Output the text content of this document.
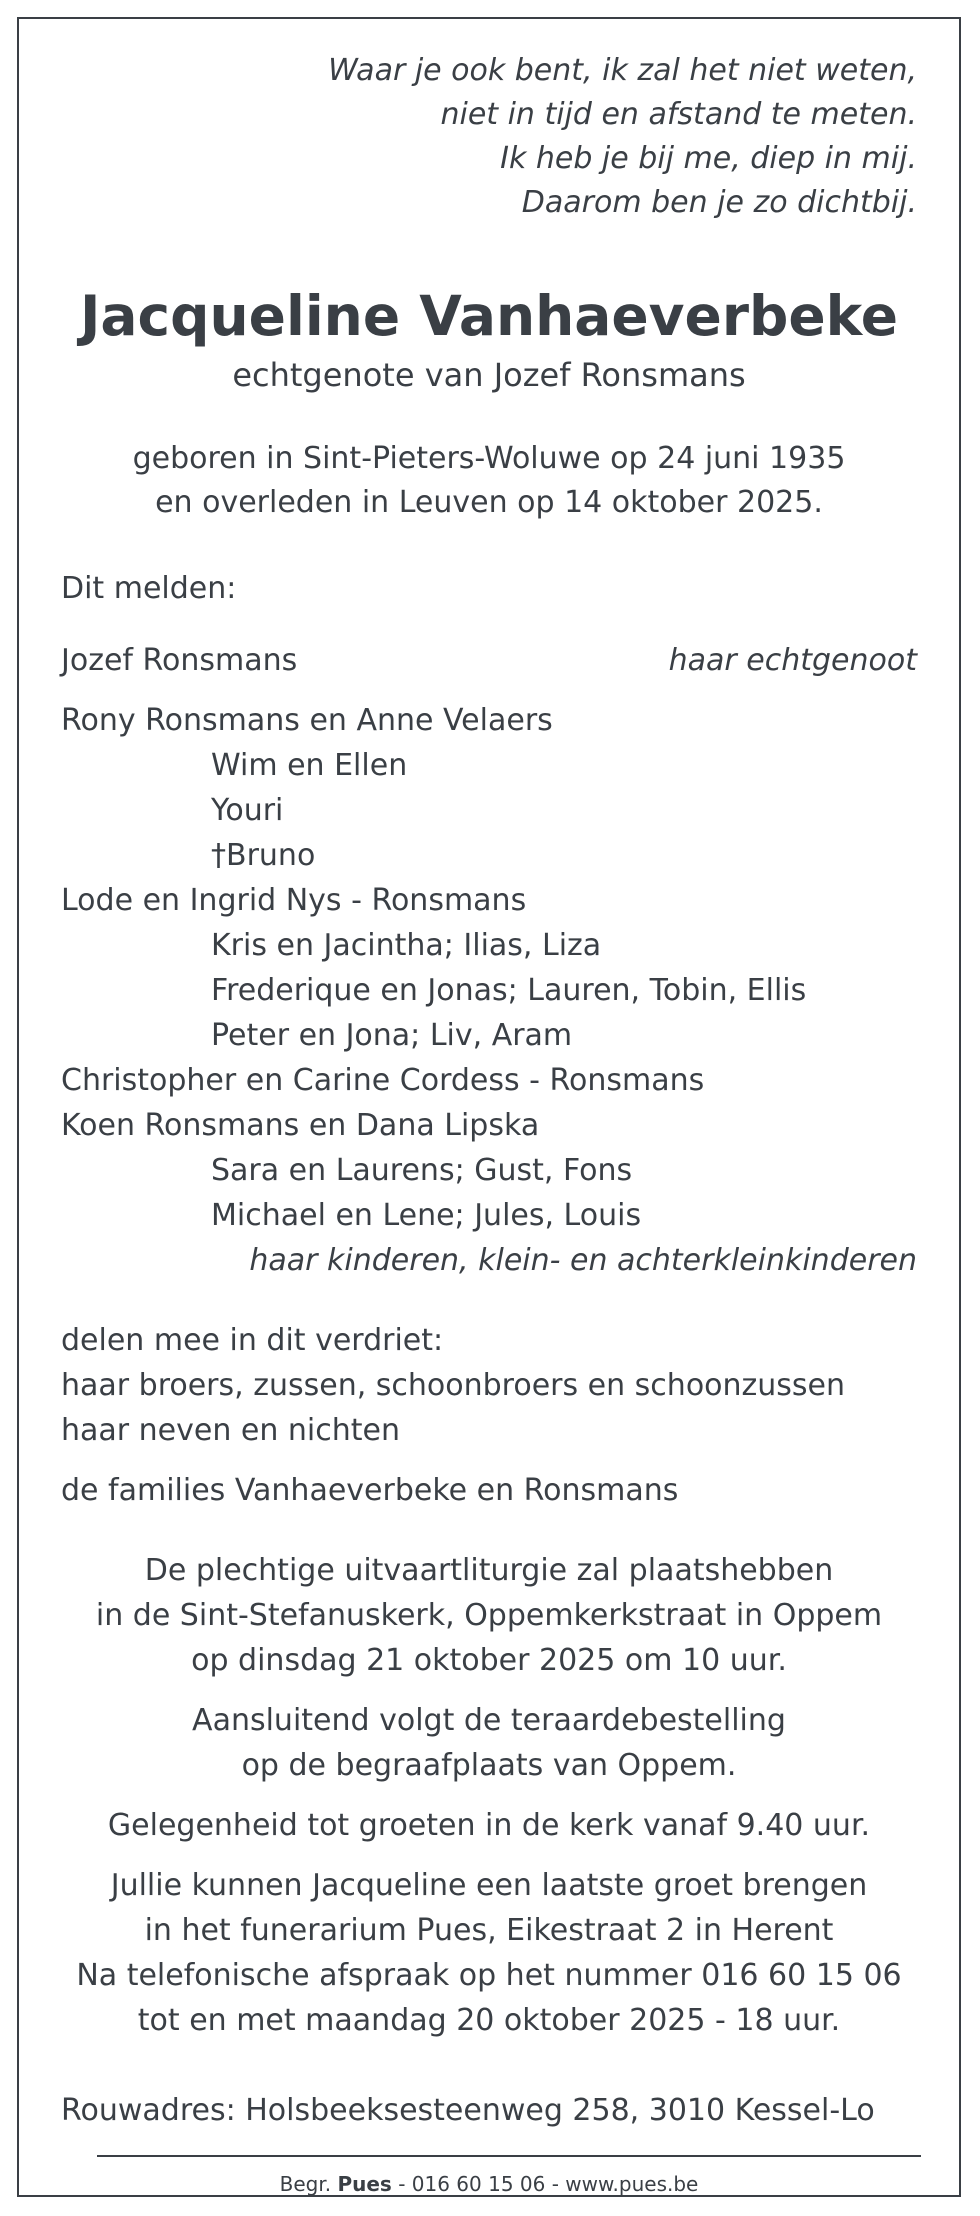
Waar je ook bent, ik zal het niet weten,
niet in tijd en afstand te meten.
Ik heb je bij me, diep in mij.
Daarom ben je zo dichtbij.
Jacqueline Vanhaeverbeke
echtgenote van Jozef Ronsmans
geboren in Sint-Pieters-Woluwe op 24 juni 1935
en overleden in Leuven op 14 oktober 2025.
Dit melden:
Jozef Ronsmans	haar echtgenoot
Rony Ronsmans en Anne Velaers
Wim en Ellen
Youri
†Bruno
Lode en Ingrid Nys - Ronsmans
Kris en Jacintha; Ilias, Liza
Frederique en Jonas; Lauren, Tobin, Ellis
Peter en Jona; Liv, Aram
Christopher en Carine Cordess - Ronsmans
Koen Ronsmans en Dana Lipska
Sara en Laurens; Gust, Fons
Michael en Lene; Jules, Louis
haar kinderen, klein- en achterkleinkinderen
delen mee in dit verdriet:
haar broers, zussen, schoonbroers en schoonzussen
haar neven en nichten
de families Vanhaeverbeke en Ronsmans
De plechtige uitvaartliturgie zal plaatshebben
in de Sint-Stefanuskerk, Oppemkerkstraat in Oppem
op dinsdag 21 oktober 2025 om 10 uur.
Aansluitend volgt de teraardebestelling
op de begraafplaats van Oppem.
Gelegenheid tot groeten in de kerk vanaf 9.40 uur.
Jullie kunnen Jacqueline een laatste groet brengen
in het funerarium Pues, Eikestraat 2 in Herent
Na telefonische afspraak op het nummer 016 60 15 06
tot en met maandag 20 oktober 2025 - 18 uur.
Rouwadres: Holsbeeksesteenweg 258, 3010 Kessel-Lo
Begr. Pues - 016 60 15 06 - www.pues.be
